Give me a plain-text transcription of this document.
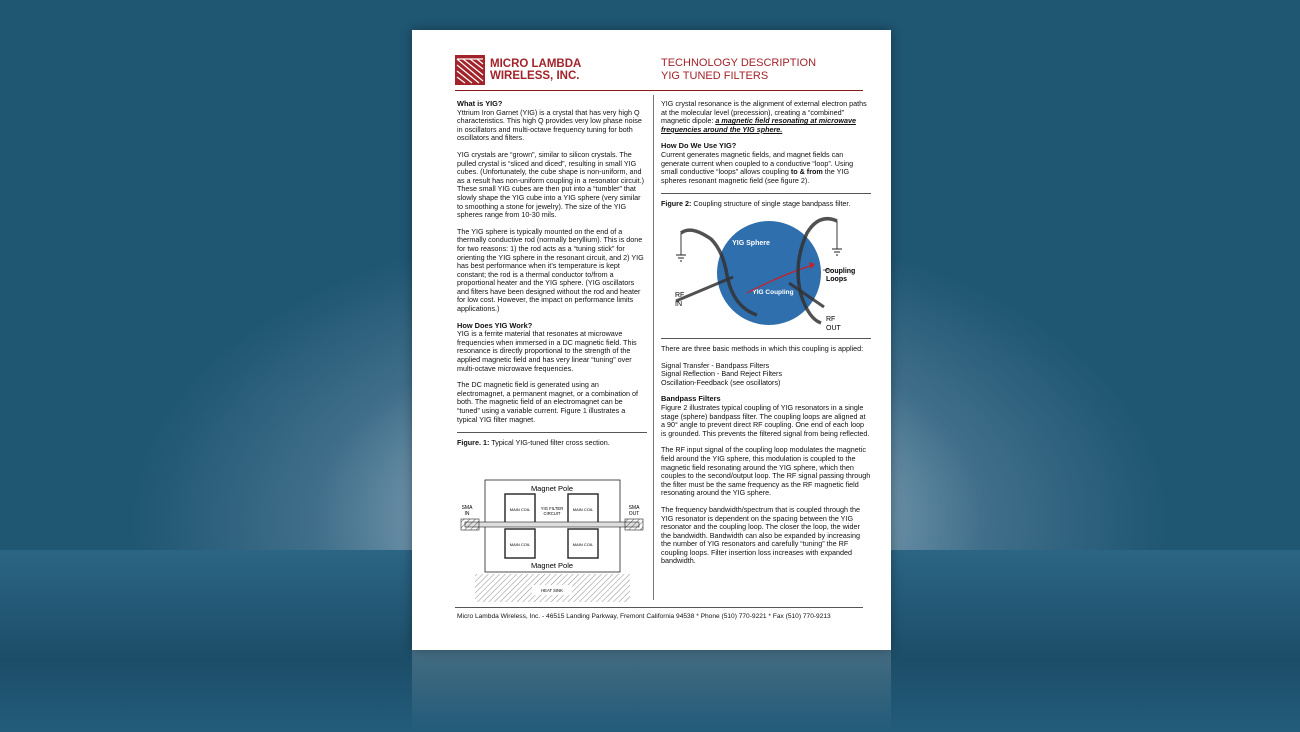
MICRO LAMBDA
WIRELESS, INC.
TECHNOLOGY DESCRIPTION
YIG TUNED FILTERS
What is YIG?

Yttrium Iron Garnet (YIG) is a crystal that has very high Q characteristics. This high Q provides very low phase noise in oscillators and multi-octave frequency tuning for both oscillators and filters.

YIG crystals are “grown”, similar to silicon crystals. The pulled crystal is “sliced and diced”, resulting in small YIG cubes. (Unfortunately, the cube shape is non-uniform, and as a result has non-uniform coupling in a resonator circuit.) These small YIG cubes are then put into a “tumbler” that slowly shape the YIG cube into a YIG sphere (very similar to smoothing a stone for jewelry). The size of the YIG spheres range from 10-30 mils.

The YIG sphere is typically mounted on the end of a thermally conductive rod (normally beryllium). This is done for two reasons: 1) the rod acts as a “tuning stick” for orienting the YIG sphere in the resonant circuit, and 2) YIG has best performance when it’s temperature is kept constant; the rod is a thermal conductor to/from a proportional heater and the YIG sphere. (YIG oscillators and filters have been designed without the rod and heater for low cost. However, the impact on performance limits applications.)

How Does YIG Work?

YIG is a ferrite material that resonates at microwave frequencies when immersed in a DC magnetic field. This resonance is directly proportional to the strength of the applied magnetic field and has very linear “tuning” over multi-octave microwave frequencies.

The DC magnetic field is generated using an electromagnet, a permanent magnet, or a combination of both. The magnetic field of an electromagnet can be “tuned” using a variable current. Figure 1 illustrates a typical YIG filter magnet.

Figure. 1: Typical YIG-tuned filter cross section.
Magnet Pole
Magnet Pole
MAIN COIL	MAIN COIL
MAIN COIL	MAIN COIL
YIG FILTER
CIRCUIT
SMA
IN
SMA
OUT
HEAT SINK

YIG crystal resonance is the alignment of external electron paths at the molecular level (precession), creating a “combined” magnetic dipole: a magnetic field resonating at microwave frequencies around the YIG sphere.

How Do We Use YIG?

Current generates magnetic fields, and magnet fields can generate current when coupled to a conductive “loop”. Using small conductive “loops” allows coupling to & from the YIG spheres resonant magnetic field (see figure 2).

Figure 2: Coupling structure of single stage bandpass filter.
YIG Sphere
YIG Coupling
Coupling
Loops
RF
IN
RF
OUT

There are three basic methods in which this coupling is applied:

Signal Transfer - Bandpass Filters
Signal Reflection - Band Reject Filters
Oscillation-Feedback (see oscillators)

Bandpass Filters

Figure 2 illustrates typical coupling of YIG resonators in a single stage (sphere) bandpass filter. The coupling loops are aligned at a 90° angle to prevent direct RF coupling. One end of each loop is grounded. This prevents the filtered signal from being reflected.

The RF input signal of the coupling loop modulates the magnetic field around the YIG sphere, this modulation is coupled to the magnetic field resonating around the YIG sphere, which then couples to the second/output loop. The RF signal passing through the filter must be the same frequency as the RF magnetic field resonating around the YIG sphere.

The frequency bandwidth/spectrum that is coupled through the YIG resonator is dependent on the spacing between the YIG resonator and the coupling loop. The closer the loop, the wider the bandwidth. Bandwidth can also be expanded by increasing the number of YIG resonators and carefully “tuning” the RF coupling loops. Filter insertion loss increases with expanded bandwidth.

Micro Lambda Wireless, Inc. - 46515 Landing Parkway, Fremont California 94538 * Phone (510) 770-9221 * Fax (510) 770-9213
